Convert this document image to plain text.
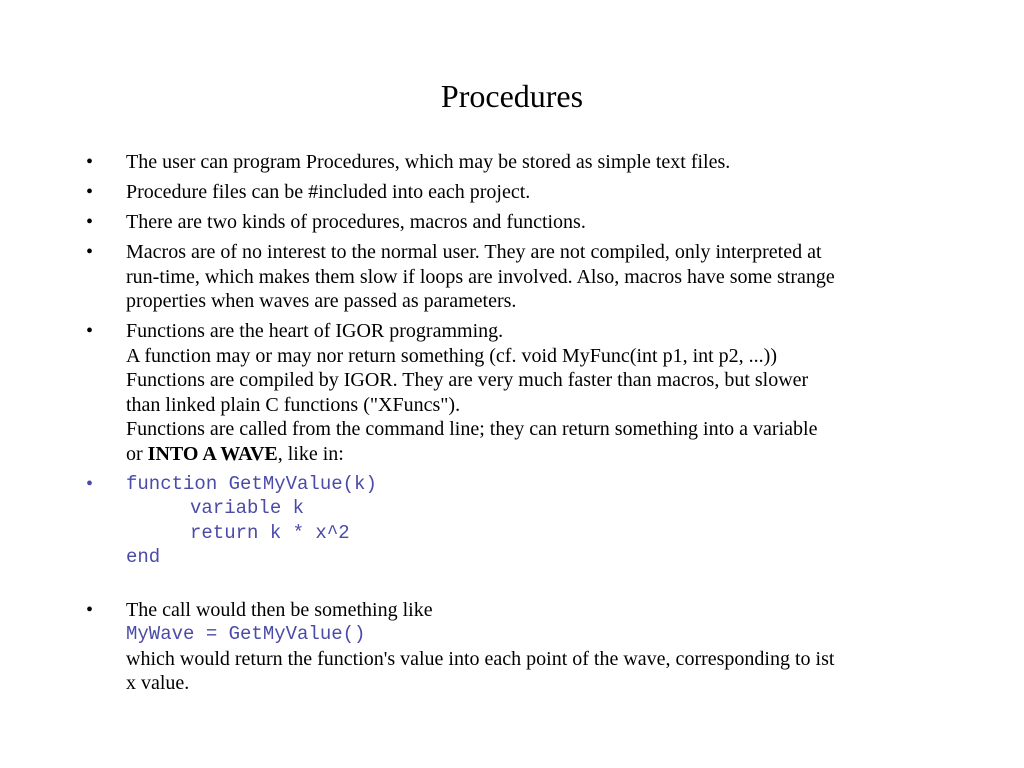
Procedures
•	The user can program Procedures, which may be stored as simple text files.
•	Procedure files can be #included into each project.
•	There are two kinds of procedures, macros and functions.
•	Macros are of no interest to the normal user. They are not compiled, only interpreted at
run-time, which makes them slow if loops are involved. Also, macros have some strange
properties when waves are passed as parameters.
•	Functions are the heart of IGOR programming.
A function may or may nor return something (cf. void MyFunc(int p1, int p2, ...))
Functions are compiled by IGOR. They are very much faster than macros, but slower
than linked plain C functions ("XFuncs").
Functions are called from the command line; they can return something into a variable
or INTO A WAVE, like in:
•	function GetMyValue(k)
variable k
return k * x^2
end
•	The call would then be something like
MyWave = GetMyValue()
which would return the function's value into each point of the wave, corresponding to ist
x value.
